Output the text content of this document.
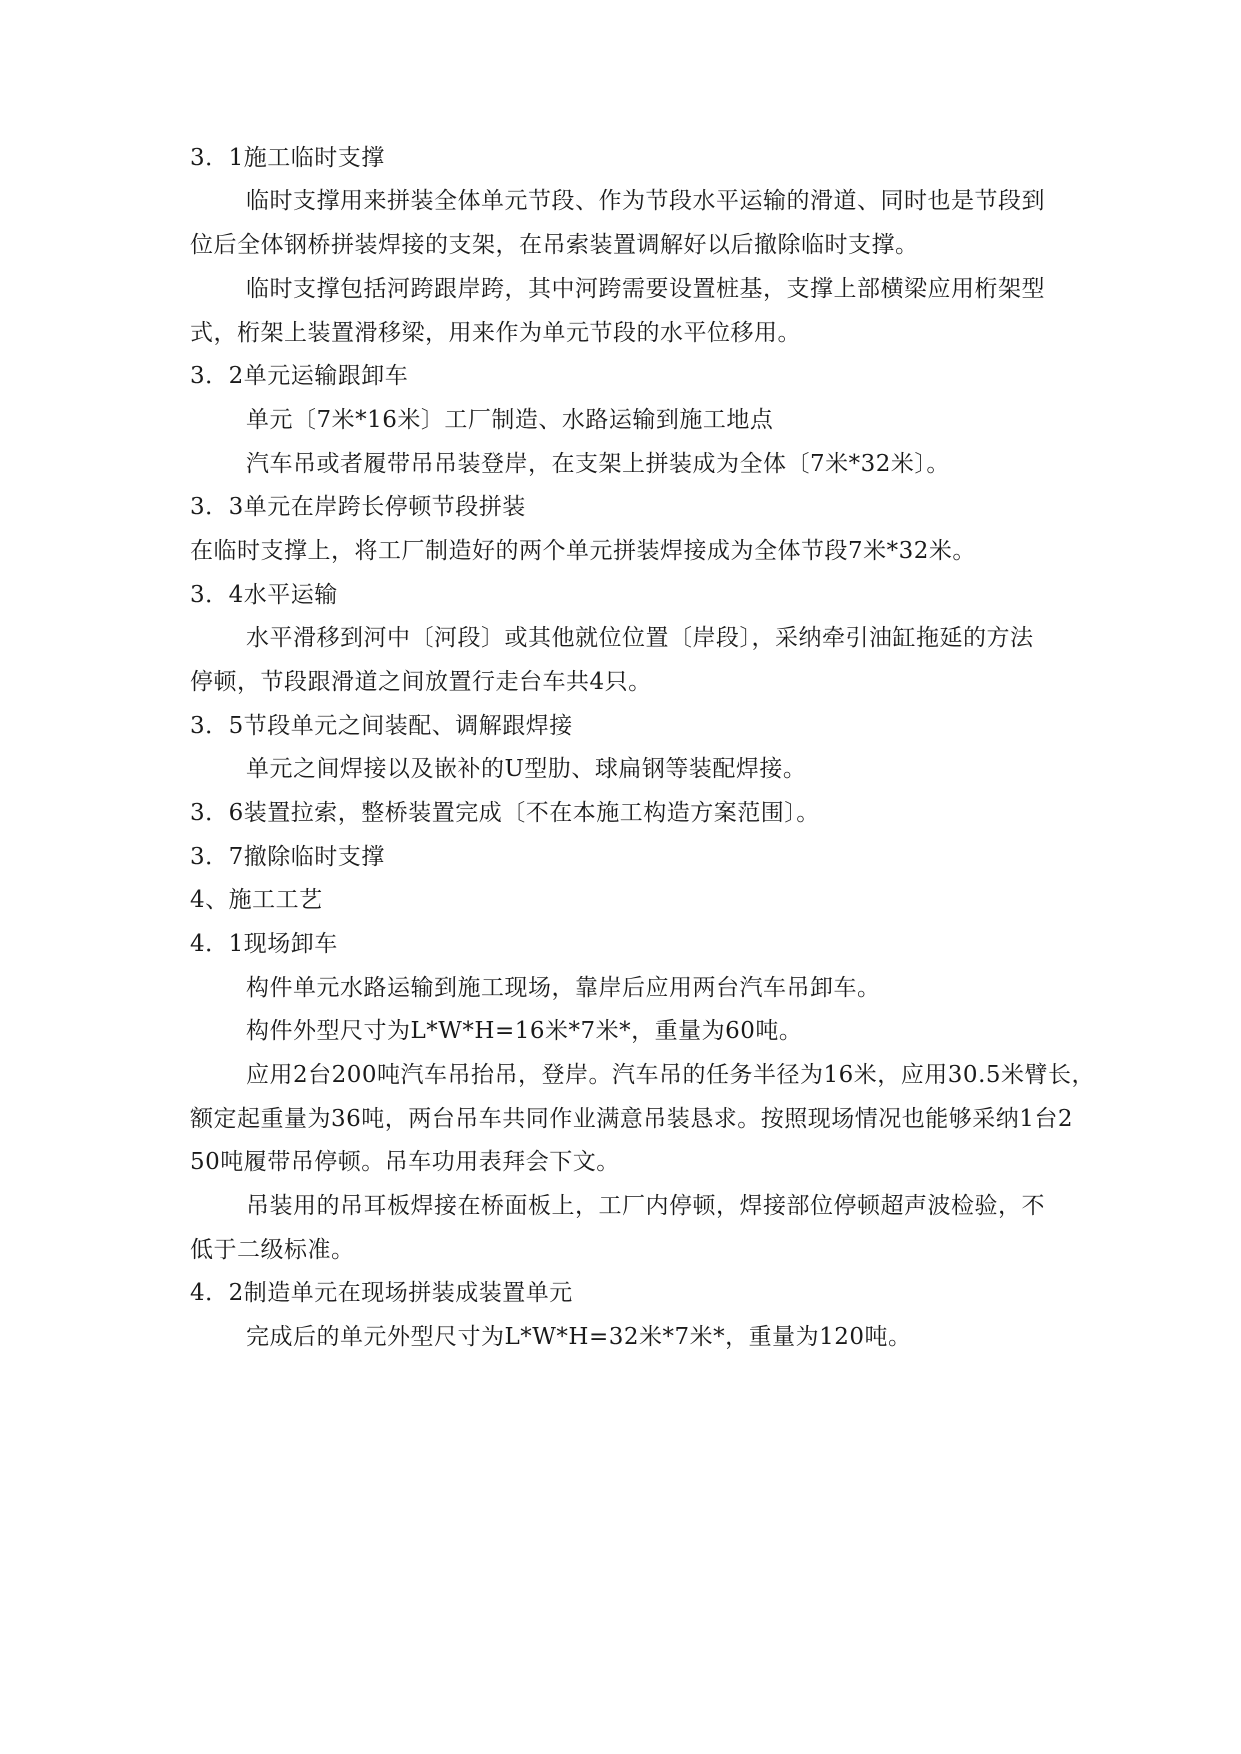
3．1施工临时支撑
临时支撑用来拼装全体单元节段、作为节段水平运输的滑道、同时也是节段到
位后全体钢桥拼装焊接的支架，在吊索装置调解好以后撤除临时支撑。
临时支撑包括河跨跟岸跨，其中河跨需要设置桩基，支撑上部横梁应用桁架型
式，桁架上装置滑移梁，用来作为单元节段的水平位移用。
3．2单元运输跟卸车
单元〔7米*16米〕工厂制造、水路运输到施工地点
汽车吊或者履带吊吊装登岸，在支架上拼装成为全体〔7米*32米〕。
3．3单元在岸跨长停顿节段拼装
在临时支撑上，将工厂制造好的两个单元拼装焊接成为全体节段7米*32米。
3．4水平运输
水平滑移到河中〔河段〕或其他就位位置〔岸段〕，采纳牵引油缸拖延的方法
停顿，节段跟滑道之间放置行走台车共4只。
3．5节段单元之间装配、调解跟焊接
单元之间焊接以及嵌补的U型肋、球扁钢等装配焊接。
3．6装置拉索，整桥装置完成〔不在本施工构造方案范围〕。
3．7撤除临时支撑
4、施工工艺
4．1现场卸车
构件单元水路运输到施工现场，靠岸后应用两台汽车吊卸车。
构件外型尺寸为L*W*H=16米*7米*，重量为60吨。
应用2台200吨汽车吊抬吊，登岸。汽车吊的任务半径为16米，应用30.5米臂长，
额定起重量为36吨，两台吊车共同作业满意吊装恳求。按照现场情况也能够采纳1台2
50吨履带吊停顿。吊车功用表拜会下文。
吊装用的吊耳板焊接在桥面板上，工厂内停顿，焊接部位停顿超声波检验，不
低于二级标准。
4．2制造单元在现场拼装成装置单元
完成后的单元外型尺寸为L*W*H=32米*7米*，重量为120吨。
